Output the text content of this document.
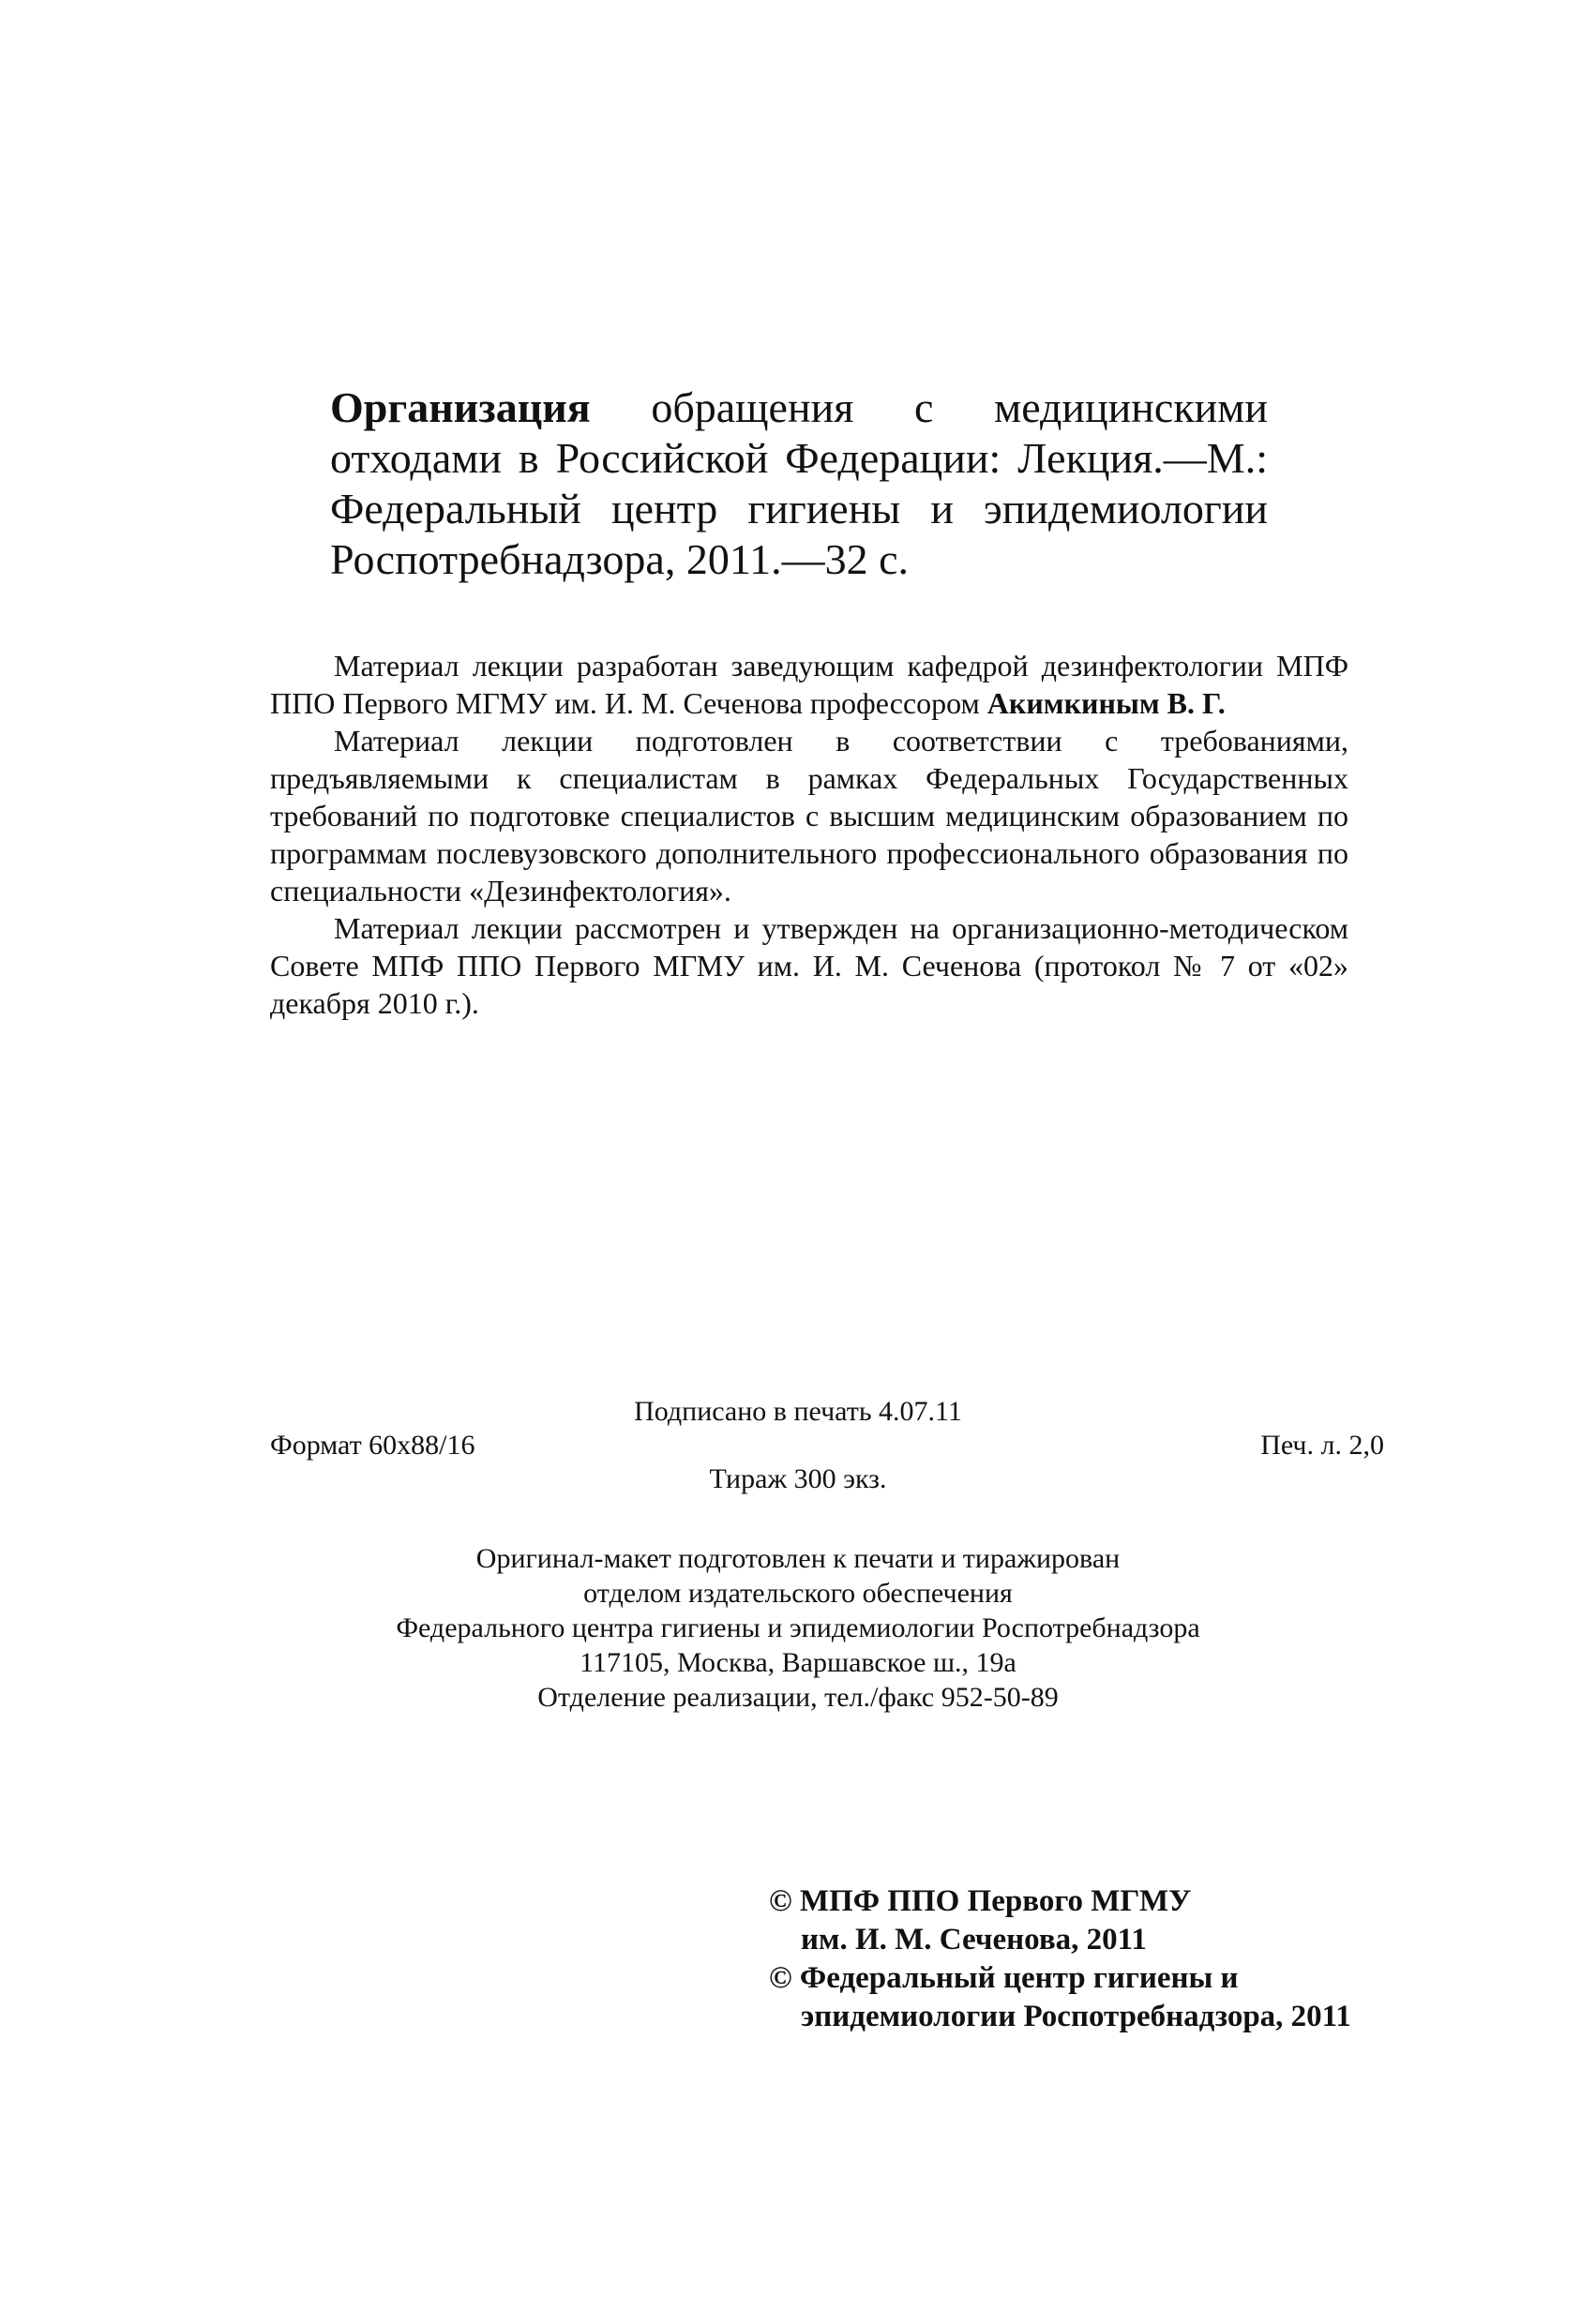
Организация обращения с медицинскими отходами в Российской Федерации: Лекция.—М.: Федеральный центр гигиены и эпидемиологии Роспотребнадзора, 2011.—32 с.

Материал лекции разработан заведующим кафедрой дезинфектологии МПФ ППО Первого МГМУ им. И. М. Сеченова профессором Акимкиным В. Г.

Материал лекции подготовлен в соответствии с требованиями, предъявляемыми к специалистам в рамках Федеральных Государственных требований по подготовке специалистов с высшим медицинским образованием по программам послевузовского дополнительного профессионального образования по специальности «Дезинфектология».

Материал лекции рассмотрен и утвержден на организационно-методическом Совете МПФ ППО Первого МГМУ им. И. М. Сеченова (протокол № 7 от «02» декабря 2010 г.).

Подписано в печать 4.07.11
Формат 60x88/16	Печ. л. 2,0
Тираж 300 экз.
Оригинал-макет подготовлен к печати и тиражирован
отделом издательского обеспечения
Федерального центра гигиены и эпидемиологии Роспотребнадзора
117105, Москва, Варшавское ш., 19а
Отделение реализации, тел./факс 952-50-89
© МПФ ППО Первого МГМУ
им. И. М. Сеченова, 2011
© Федеральный центр гигиены и
эпидемиологии Роспотребнадзора, 2011
